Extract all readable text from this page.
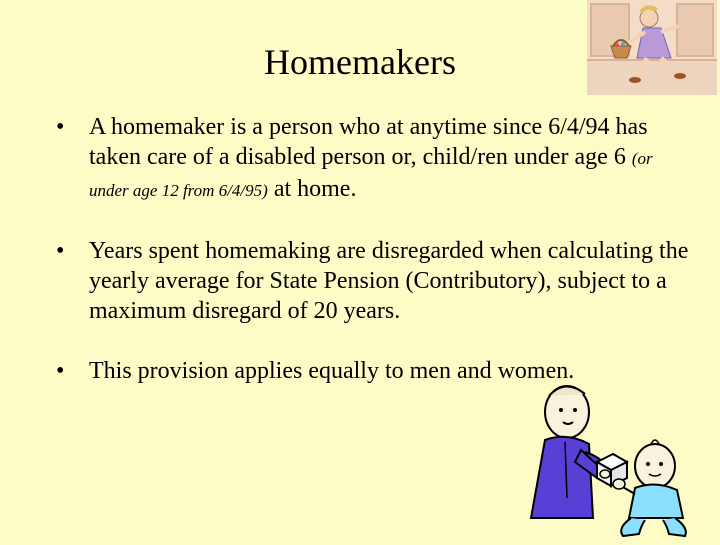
Homemakers
• A homemaker is a person who at anytime since 6/4/94 has taken care of a disabled person or, child/ren under age 6 (or under age 12 from 6/4/95) at home.
• Years spent homemaking are disregarded when calculating the yearly average for State Pension (Contributory), subject to a maximum disregard of 20 years.
• This provision applies equally to men and women.
